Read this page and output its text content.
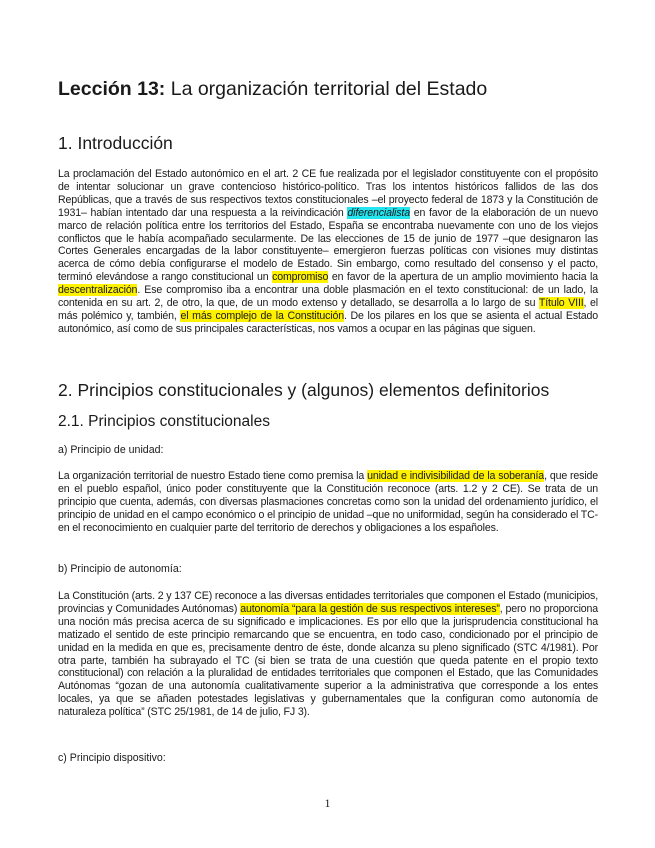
Lección 13: La organización territorial del Estado
1. Introducción

La proclamación del Estado autonómico en el art. 2 CE fue realizada por el legislador constituyente con el propósito de intentar solucionar un grave contencioso histórico-político. Tras los intentos históricos fallidos de las dos Repúblicas, que a través de sus respectivos textos constitucionales –el proyecto federal de 1873 y la Constitución de 1931– habían intentado dar una respuesta a la reivindicación diferencialista en favor de la elaboración de un nuevo marco de relación política entre los territorios del Estado, España se encontraba nuevamente con uno de los viejos conflictos que le había acompañado secularmente. De las elecciones de 15 de junio de 1977 –que designaron las Cortes Generales encargadas de la labor constituyente– emergieron fuerzas políticas con visiones muy distintas acerca de cómo debía configurarse el modelo de Estado. Sin embargo, como resultado del consenso y el pacto, terminó elevándose a rango constitucional un compromiso en favor de la apertura de un amplio movimiento hacia la descentralización. Ese compromiso iba a encontrar una doble plasmación en el texto constitucional: de un lado, la contenida en su art. 2, de otro, la que, de un modo extenso y detallado, se desarrolla a lo largo de su Título VIII, el más polémico y, también, el más complejo de la Constitución. De los pilares en los que se asienta el actual Estado autonómico, así como de sus principales características, nos vamos a ocupar en las páginas que siguen.

2. Principios constitucionales y (algunos) elementos definitorios
2.1. Principios constitucionales

a) Principio de unidad:

La organización territorial de nuestro Estado tiene como premisa la unidad e indivisibilidad de la soberanía, que reside en el pueblo español, único poder constituyente que la Constitución reconoce (arts. 1.2 y 2 CE). Se trata de un principio que cuenta, además, con diversas plasmaciones concretas como son la unidad del ordenamiento jurídico, el principio de unidad en el campo económico o el principio de unidad –que no uniformidad, según ha considerado el TC- en el reconocimiento en cualquier parte del territorio de derechos y obligaciones a los españoles.

b) Principio de autonomía:

La Constitución (arts. 2 y 137 CE) reconoce a las diversas entidades territoriales que componen el Estado (municipios, provincias y Comunidades Autónomas) autonomía “para la gestión de sus respectivos intereses”, pero no proporciona una noción más precisa acerca de su significado e implicaciones. Es por ello que la jurisprudencia constitucional ha matizado el sentido de este principio remarcando que se encuentra, en todo caso, condicionado por el principio de unidad en la medida en que es, precisamente dentro de éste, donde alcanza su pleno significado (STC 4/1981). Por otra parte, también ha subrayado el TC (si bien se trata de una cuestión que queda patente en el propio texto constitucional) con relación a la pluralidad de entidades territoriales que componen el Estado, que las Comunidades Autónomas “gozan de una autonomía cualitativamente superior a la administrativa que corresponde a los entes locales, ya que se añaden potestades legislativas y gubernamentales que la configuran como autonomía de naturaleza política” (STC 25/1981, de 14 de julio, FJ 3).

c) Principio dispositivo:

1
